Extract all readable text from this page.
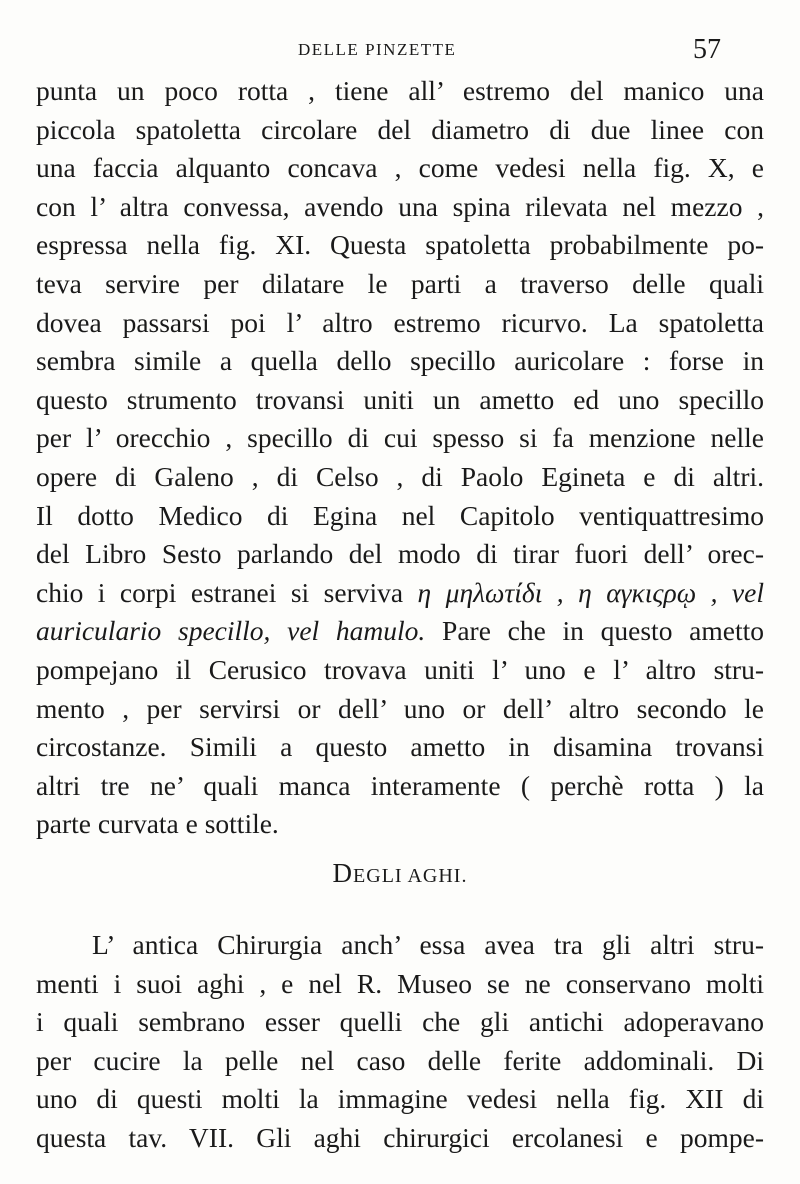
DELLE PINZETTE	57
punta un poco rotta , tiene all’ estremo del manico una
piccola spatoletta circolare del diametro di due linee con
una faccia alquanto concava , come vedesi nella fig. X, e
con l’ altra convessa, avendo una spina rilevata nel mezzo ,
espressa nella fig. XI. Questa spatoletta probabilmente po-
teva servire per dilatare le parti a traverso delle quali
dovea passarsi poi l’ altro estremo ricurvo. La spatoletta
sembra simile a quella dello specillo auricolare : forse in
questo strumento trovansi uniti un ametto ed uno specillo
per l’ orecchio , specillo di cui spesso si fa menzione nelle
opere di Galeno , di Celso , di Paolo Egineta e di altri.
Il dotto Medico di Egina nel Capitolo ventiquattresimo
del Libro Sesto parlando del modo di tirar fuori dell’ orec-
chio i corpi estranei si serviva η μηλωτίδι , η αγκιςρῳ , vel
auriculario specillo, vel hamulo. Pare che in questo ametto
pompejano il Cerusico trovava uniti l’ uno e l’ altro stru-
mento , per servirsi or dell’ uno or dell’ altro secondo le
circostanze. Simili a questo ametto in disamina trovansi
altri tre ne’ quali manca interamente ( perchè rotta ) la
parte curvata e sottile.
DEGLI AGHI.
L’ antica Chirurgia anch’ essa avea tra gli altri stru-
menti i suoi aghi , e nel R. Museo se ne conservano molti
i quali sembrano esser quelli che gli antichi adoperavano
per cucire la pelle nel caso delle ferite addominali. Di
uno di questi molti la immagine vedesi nella fig. XII di
questa tav. VII. Gli aghi chirurgici ercolanesi e pompe-
